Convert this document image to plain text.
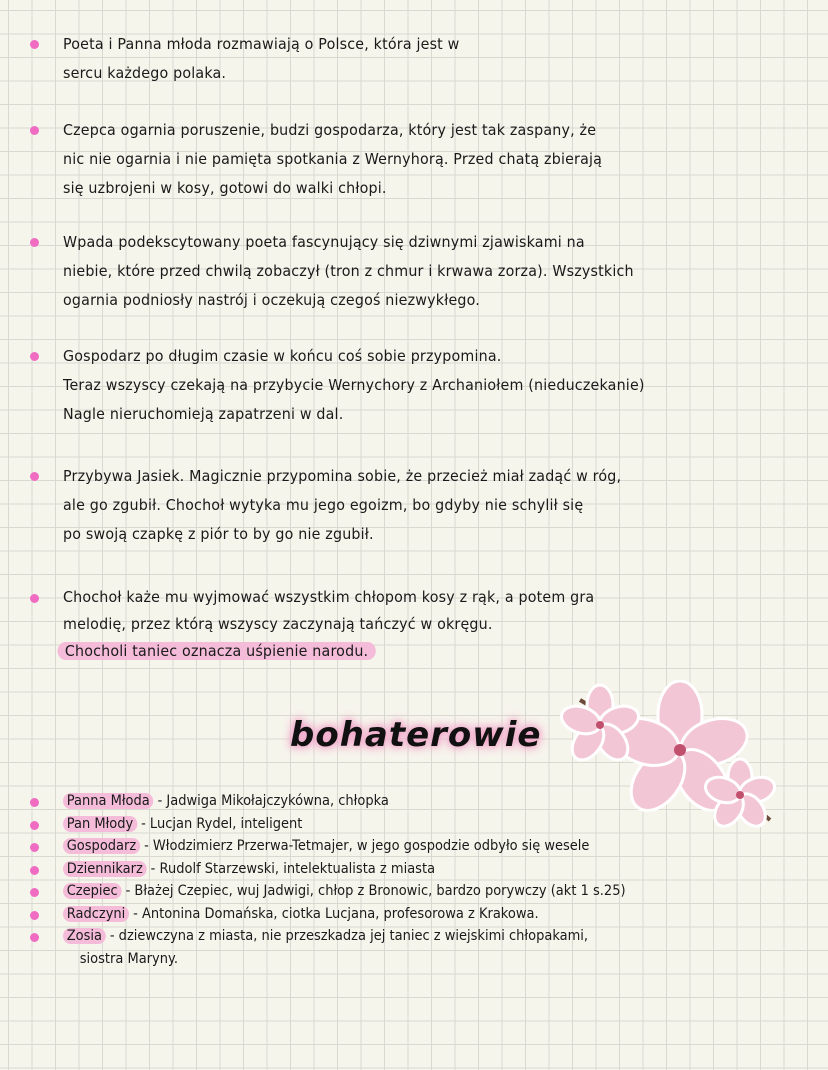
Poeta i Panna młoda rozmawiają o Polsce, która jest w
sercu każdego polaka.
Czepca ogarnia poruszenie, budzi gospodarza, który jest tak zaspany, że
nic nie ogarnia i nie pamięta spotkania z Wernyhorą. Przed chatą zbierają
się uzbrojeni w kosy, gotowi do walki chłopi.
Wpada podekscytowany poeta fascynujący się dziwnymi zjawiskami na
niebie, które przed chwilą zobaczył (tron z chmur i krwawa zorza). Wszystkich
ogarnia podniosły nastrój i oczekują czegoś niezwykłego.
Gospodarz po długim czasie w końcu coś sobie przypomina.
Teraz wszyscy czekają na przybycie Wernychory z Archaniołem (nieduczekanie)
Nagle nieruchomieją zapatrzeni w dal.
Przybywa Jasiek. Magicznie przypomina sobie, że przecież miał zadąć w róg,
ale go zgubił. Chochoł wytyka mu jego egoizm, bo gdyby nie schylił się
po swoją czapkę z piór to by go nie zgubił.
Chochoł każe mu wyjmować wszystkim chłopom kosy z rąk, a potem gra
melodię, przez którą wszyscy zaczynają tańczyć w okręgu.
Chocholi taniec oznacza uśpienie narodu.
bohaterowie
Panna Młoda - Jadwiga Mikołajczykówna, chłopka
Pan Młody - Lucjan Rydel, inteligent
Gospodarz - Włodzimierz Przerwa-Tetmajer, w jego gospodzie odbyło się wesele
Dziennikarz - Rudolf Starzewski, intelektualista z miasta
Czepiec - Błażej Czepiec, wuj Jadwigi, chłop z Bronowic, bardzo porywczy (akt 1 s.25)
Radczyni - Antonina Domańska, ciotka Lucjana, profesorowa z Krakowa.
Zosia - dziewczyna z miasta, nie przeszkadza jej taniec z wiejskimi chłopakami,
siostra Maryny.
